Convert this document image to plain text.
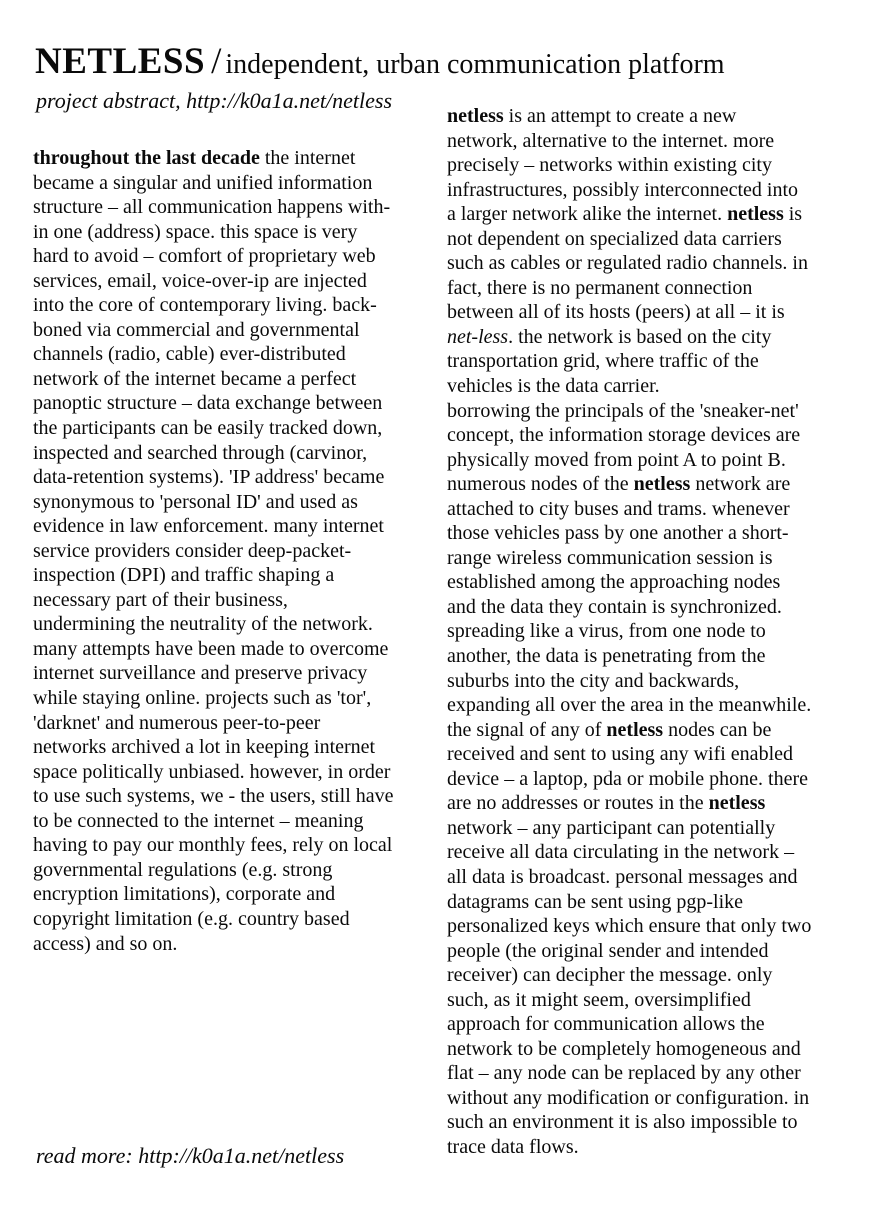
NETLESS / independent, urban communication platform
project abstract, http://k0a1a.net/netless
throughout the last decade the internet
became a singular and unified information
structure – all communication happens with-
in one (address) space. this space is very
hard to avoid – comfort of proprietary web
services, email, voice-over-ip are injected
into the core of contemporary living. back-
boned via commercial and governmental
channels (radio, cable) ever-distributed
network of the internet became a perfect
panoptic structure – data exchange between
the participants can be easily tracked down,
inspected and searched through (carvinor,
data-retention systems). 'IP address' became
synonymous to 'personal ID' and used as
evidence in law enforcement. many internet
service providers consider deep-packet-
inspection (DPI) and traffic shaping a
necessary part of their business,
undermining the neutrality of the network.
many attempts have been made to overcome
internet surveillance and preserve privacy
while staying online. projects such as 'tor',
'darknet' and numerous peer-to-peer
networks archived a lot in keeping internet
space politically unbiased. however, in order
to use such systems, we - the users, still have
to be connected to the internet – meaning
having to pay our monthly fees, rely on local
governmental regulations (e.g. strong
encryption limitations), corporate and
copyright limitation (e.g. country based
access) and so on.
netless is an attempt to create a new
network, alternative to the internet. more
precisely – networks within existing city
infrastructures, possibly interconnected into
a larger network alike the internet. netless is
not dependent on specialized data carriers
such as cables or regulated radio channels. in
fact, there is no permanent connection
between all of its hosts (peers) at all – it is
net-less. the network is based on the city
transportation grid, where traffic of the
vehicles is the data carrier.
borrowing the principals of the 'sneaker-net'
concept, the information storage devices are
physically moved from point A to point B.
numerous nodes of the netless network are
attached to city buses and trams. whenever
those vehicles pass by one another a short-
range wireless communication session is
established among the approaching nodes
and the data they contain is synchronized.
spreading like a virus, from one node to
another, the data is penetrating from the
suburbs into the city and backwards,
expanding all over the area in the meanwhile.
the signal of any of netless nodes can be
received and sent to using any wifi enabled
device – a laptop, pda or mobile phone. there
are no addresses or routes in the netless
network – any participant can potentially
receive all data circulating in the network –
all data is broadcast. personal messages and
datagrams can be sent using pgp-like
personalized keys which ensure that only two
people (the original sender and intended
receiver) can decipher the message. only
such, as it might seem, oversimplified
approach for communication allows the
network to be completely homogeneous and
flat – any node can be replaced by any other
without any modification or configuration. in
such an environment it is also impossible to
trace data flows.
read more: http://k0a1a.net/netless
